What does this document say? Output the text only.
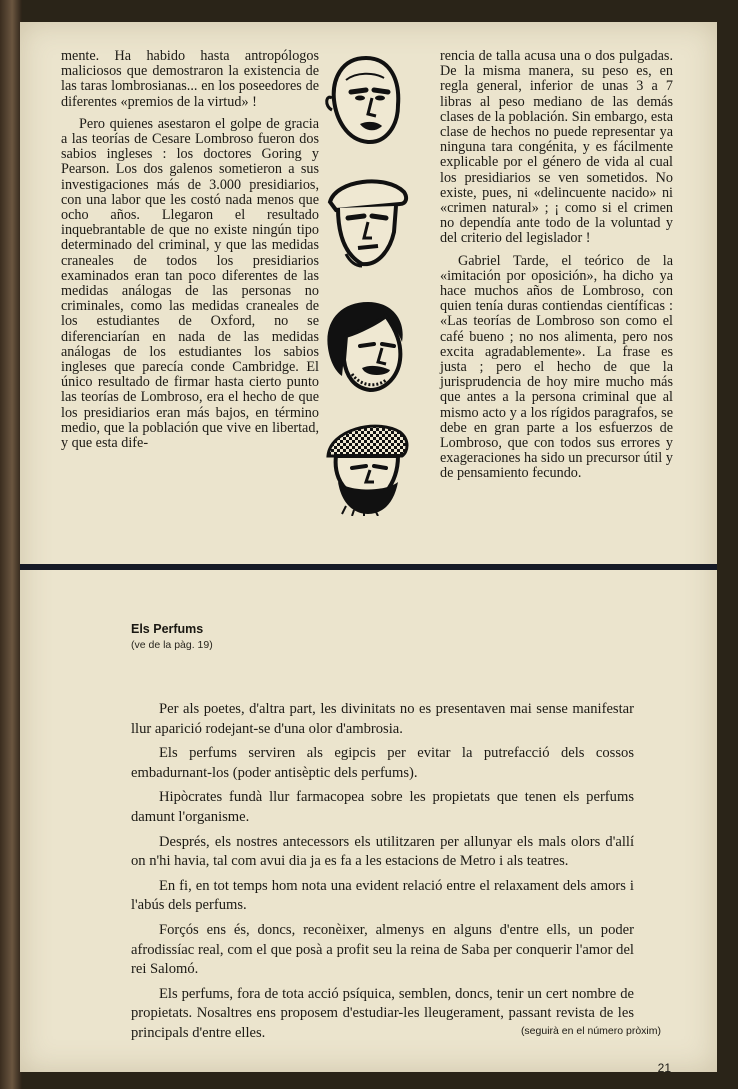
mente. Ha habido hasta antropólogos maliciosos que demostraron la existencia de las taras lombrosianas... en los poseedores de diferentes «premios de la virtud» !

Pero quienes asestaron el golpe de gracia a las teorías de Cesare Lombroso fueron dos sabios ingleses : los doctores Goring y Pearson. Los dos galenos sometieron a sus investigaciones más de 3.000 presidiarios, con una labor que les costó nada menos que ocho años. Llegaron el resultado inquebrantable de que no existe ningún tipo determinado del criminal, y que las medidas craneales de todos los presidiarios examinados eran tan poco diferentes de las medidas análogas de las personas no criminales, como las medidas craneales de los estudiantes de Oxford, no se diferenciarían en nada de las medidas análogas de los estudiantes los sabios ingleses que parecía conde Cambridge. El único resultado de firmar hasta cierto punto las teorías de Lombroso, era el hecho de que los presidiarios eran más bajos, en término medio, que la población que vive en libertad, y que esta dife-

rencia de talla acusa una o dos pulgadas. De la misma manera, su peso es, en regla general, inferior de unas 3 a 7 libras al peso mediano de las demás clases de la población. Sin embargo, esta clase de hechos no puede representar ya ninguna tara congénita, y es fácilmente explicable por el género de vida al cual los presidiarios se ven sometidos. No existe, pues, ni «delincuente nacido» ni «crimen natural» ; ¡ como si el crimen no dependía ante todo de la voluntad y del criterio del legislador !

Gabriel Tarde, el teórico de la «imitación por oposición», ha dicho ya hace muchos años de Lombroso, con quien tenía duras contiendas científicas : «Las teorías de Lombroso son como el café bueno ; no nos alimenta, pero nos excita agradablemente». La frase es justa ; pero el hecho de que la jurisprudencia de hoy mire mucho más que antes a la persona criminal que al mismo acto y a los rígidos paragrafos, se debe en gran parte a los esfuerzos de Lombroso, que con todos sus errores y exageraciones ha sido un precursor útil y de pensamiento fecundo.

Els Perfums
(ve de la pàg. 19)

Per als poetes, d'altra part, les divinitats no es presentaven mai sense manifestar llur aparició rodejant-se d'una olor d'ambrosia.

Els perfums serviren als egipcis per evitar la putrefacció dels cossos embadurnant-los (poder antisèptic dels perfums).

Hipòcrates fundà llur farmacopea sobre les propietats que tenen els perfums damunt l'organisme.

Després, els nostres antecessors els utilitzaren per allunyar els mals olors d'allí on n'hi havia, tal com avui dia ja es fa a les estacions de Metro i als teatres.

En fi, en tot temps hom nota una evident relació entre el relaxament dels amors i l'abús dels perfums.

Forçós ens és, doncs, reconèixer, almenys en alguns d'entre ells, un poder afrodissíac real, com el que posà a profit seu la reina de Saba per conquerir l'amor del rei Salomó.

Els perfums, fora de tota acció psíquica, semblen, doncs, tenir un cert nombre de propietats. Nosaltres ens proposem d'estudiar-les lleugerament, passant revista de les principals d'entre elles.	(seguirà en el número pròxim)
21
